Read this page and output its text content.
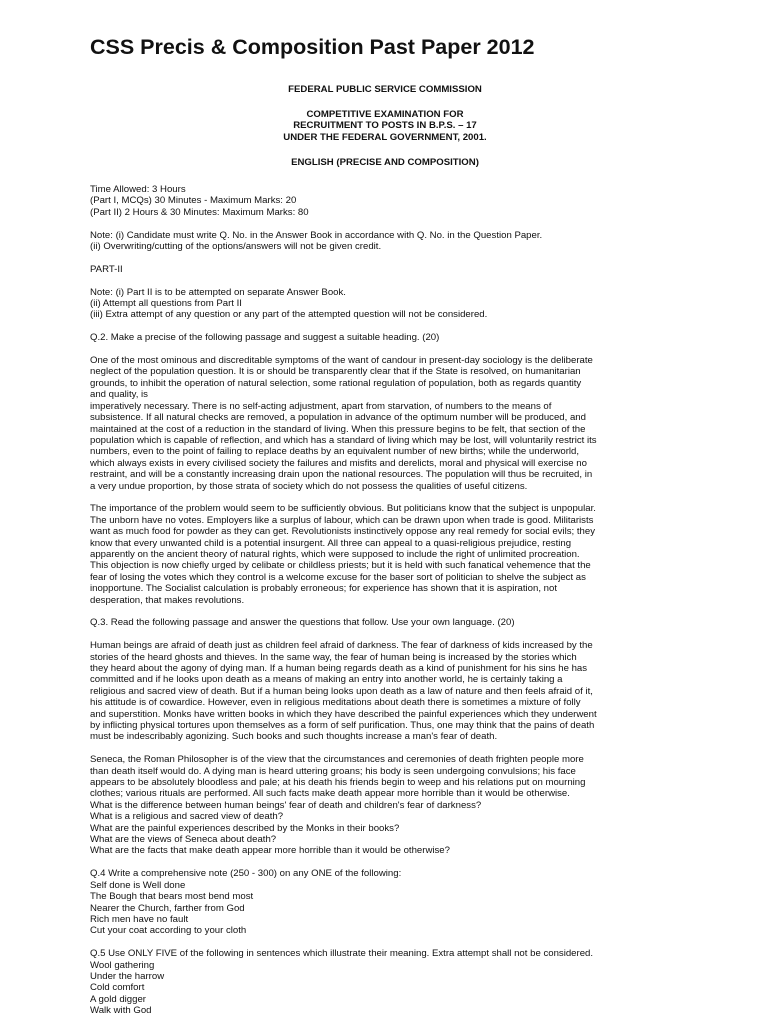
CSS Precis & Composition Past Paper 2012
FEDERAL PUBLIC SERVICE COMMISSION
COMPETITIVE EXAMINATION FOR
RECRUITMENT TO POSTS IN B.P.S. – 17
UNDER THE FEDERAL GOVERNMENT, 2001.
ENGLISH (PRECISE AND COMPOSITION)
Time Allowed: 3 Hours
(Part I, MCQs) 30 Minutes - Maximum Marks: 20
(Part II) 2 Hours & 30 Minutes: Maximum Marks: 80
Note: (i) Candidate must write Q. No. in the Answer Book in accordance with Q. No. in the Question Paper.
(ii) Overwriting/cutting of the options/answers will not be given credit.
PART-II
Note: (i) Part II is to be attempted on separate Answer Book.
(ii) Attempt all questions from Part II
(iii) Extra attempt of any question or any part of the attempted question will not be considered.
Q.2. Make a precise of the following passage and suggest a suitable heading. (20)
One of the most ominous and discreditable symptoms of the want of candour in present-day sociology is the deliberate
neglect of the population question. It is or should be transparently clear that if the State is resolved, on humanitarian
grounds, to inhibit the operation of natural selection, some rational regulation of population, both as regards quantity
and quality, is
imperatively necessary. There is no self-acting adjustment, apart from starvation, of numbers to the means of
subsistence. If all natural checks are removed, a population in advance of the optimum number will be produced, and
maintained at the cost of a reduction in the standard of living. When this pressure begins to be felt, that section of the
population which is capable of reflection, and which has a standard of living which may be lost, will voluntarily restrict its
numbers, even to the point of failing to replace deaths by an equivalent number of new births; while the underworld,
which always exists in every civilised society the failures and misfits and derelicts, moral and physical will exercise no
restraint, and will be a constantly increasing drain upon the national resources. The population will thus be recruited, in
a very undue proportion, by those strata of society which do not possess the qualities of useful citizens.
The importance of the problem would seem to be sufficiently obvious. But politicians know that the subject is unpopular.
The unborn have no votes. Employers like a surplus of labour, which can be drawn upon when trade is good. Militarists
want as much food for powder as they can get. Revolutionists instinctively oppose any real remedy for social evils; they
know that every unwanted child is a potential insurgent. All three can appeal to a quasi-religious prejudice, resting
apparently on the ancient theory of natural rights, which were supposed to include the right of unlimited procreation.
This objection is now chiefly urged by celibate or childless priests; but it is held with such fanatical vehemence that the
fear of losing the votes which they control is a welcome excuse for the baser sort of politician to shelve the subject as
inopportune. The Socialist calculation is probably erroneous; for experience has shown that it is aspiration, not
desperation, that makes revolutions.
Q.3. Read the following passage and answer the questions that follow. Use your own language. (20)
Human beings are afraid of death just as children feel afraid of darkness. The fear of darkness of kids increased by the
stories of the heard ghosts and thieves. In the same way, the fear of human being is increased by the stories which
they heard about the agony of dying man. If a human being regards death as a kind of punishment for his sins he has
committed and if he looks upon death as a means of making an entry into another world, he is certainly taking a
religious and sacred view of death. But if a human being looks upon death as a law of nature and then feels afraid of it,
his attitude is of cowardice. However, even in religious meditations about death there is sometimes a mixture of folly
and superstition. Monks have written books in which they have described the painful experiences which they underwent
by inflicting physical tortures upon themselves as a form of self purification. Thus, one may think that the pains of death
must be indescribably agonizing. Such books and such thoughts increase a man's fear of death.
Seneca, the Roman Philosopher is of the view that the circumstances and ceremonies of death frighten people more
than death itself would do. A dying man is heard uttering groans; his body is seen undergoing convulsions; his face
appears to be absolutely bloodless and pale; at his death his friends begin to weep and his relations put on mourning
clothes; various rituals are performed. All such facts make death appear more horrible than it would be otherwise.
What is the difference between human beings' fear of death and children's fear of darkness?
What is a religious and sacred view of death?
What are the painful experiences described by the Monks in their books?
What are the views of Seneca about death?
What are the facts that make death appear more horrible than it would be otherwise?
Q.4 Write a comprehensive note (250 - 300) on any ONE of the following:
Self done is Well done
The Bough that bears most bend most
Nearer the Church, farther from God
Rich men have no fault
Cut your coat according to your cloth
Q.5 Use ONLY FIVE of the following in sentences which illustrate their meaning. Extra attempt shall not be considered.
Wool gathering
Under the harrow
Cold comfort
A gold digger
Walk with God
